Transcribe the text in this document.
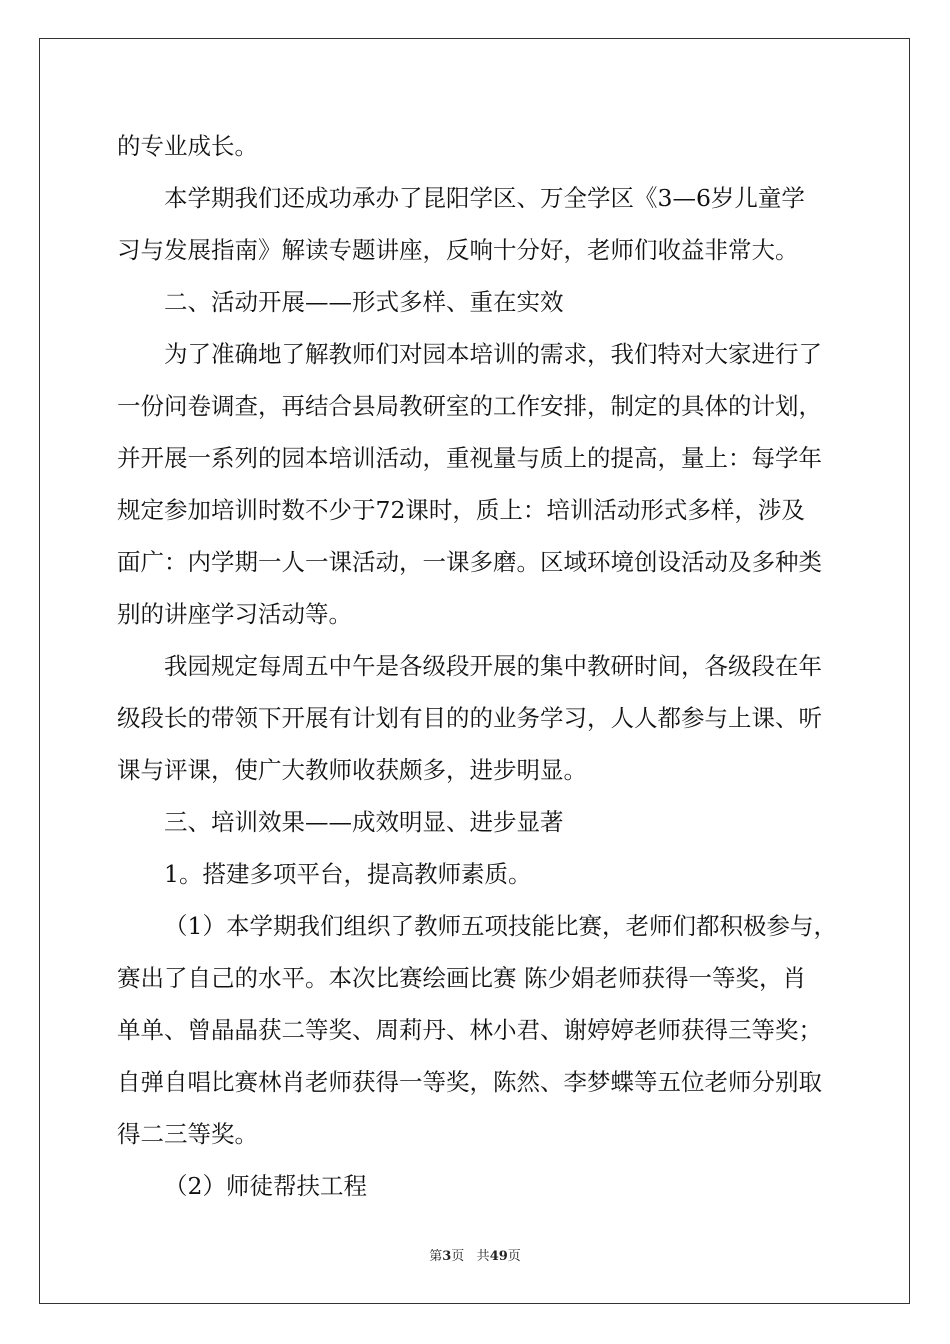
的专业成长。
本学期我们还成功承办了昆阳学区、万全学区《3—6岁儿童学
习与发展指南》解读专题讲座，反响十分好，老师们收益非常大。
二、活动开展——形式多样、重在实效
为了准确地了解教师们对园本培训的需求，我们特对大家进行了
一份问卷调查，再结合县局教研室的工作安排，制定的具体的计划，
并开展一系列的园本培训活动，重视量与质上的提高，量上：每学年
规定参加培训时数不少于72课时，质上：培训活动形式多样，涉及
面广：内学期一人一课活动，一课多磨。区域环境创设活动及多种类
别的讲座学习活动等。
我园规定每周五中午是各级段开展的集中教研时间，各级段在年
级段长的带领下开展有计划有目的的业务学习，人人都参与上课、听
课与评课，使广大教师收获颇多，进步明显。
三、培训效果——成效明显、进步显著
1。搭建多项平台，提高教师素质。
（1）本学期我们组织了教师五项技能比赛，老师们都积极参与，
赛出了自己的水平。本次比赛绘画比赛 陈少娟老师获得一等奖，肖
单单、曾晶晶获二等奖、周莉丹、林小君、谢婷婷老师获得三等奖；
自弹自唱比赛林肖老师获得一等奖，陈然、李梦蝶等五位老师分别取
得二三等奖。
（2）师徒帮扶工程
第3页 共49页
